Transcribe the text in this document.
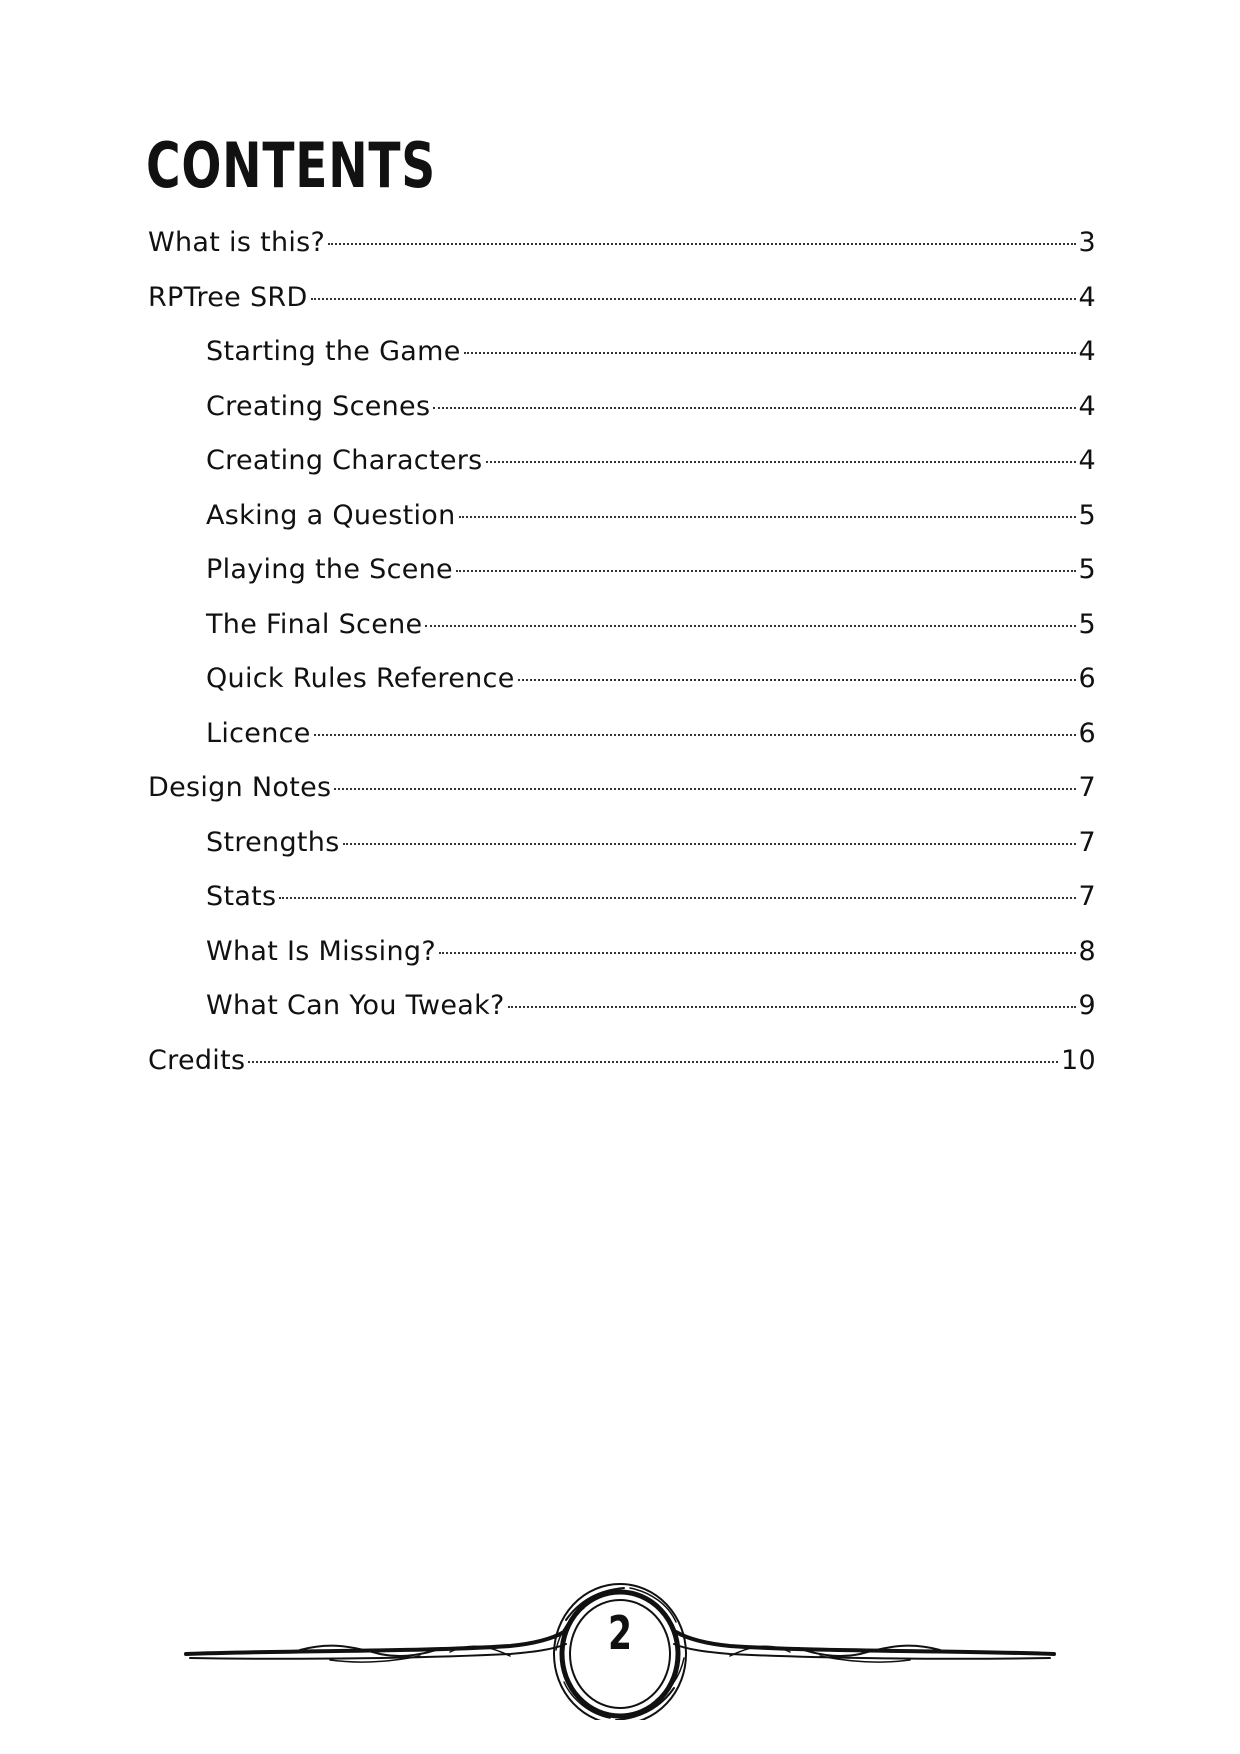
CONTENTS
What is this?	3
RPTree SRD	4
Starting the Game	4
Creating Scenes	4
Creating Characters	4
Asking a Question	5
Playing the Scene	5
The Final Scene	5
Quick Rules Reference	6
Licence	6
Design Notes	7
Strengths	7
Stats	7
What Is Missing?	8
What Can You Tweak?	9
Credits	10
2
